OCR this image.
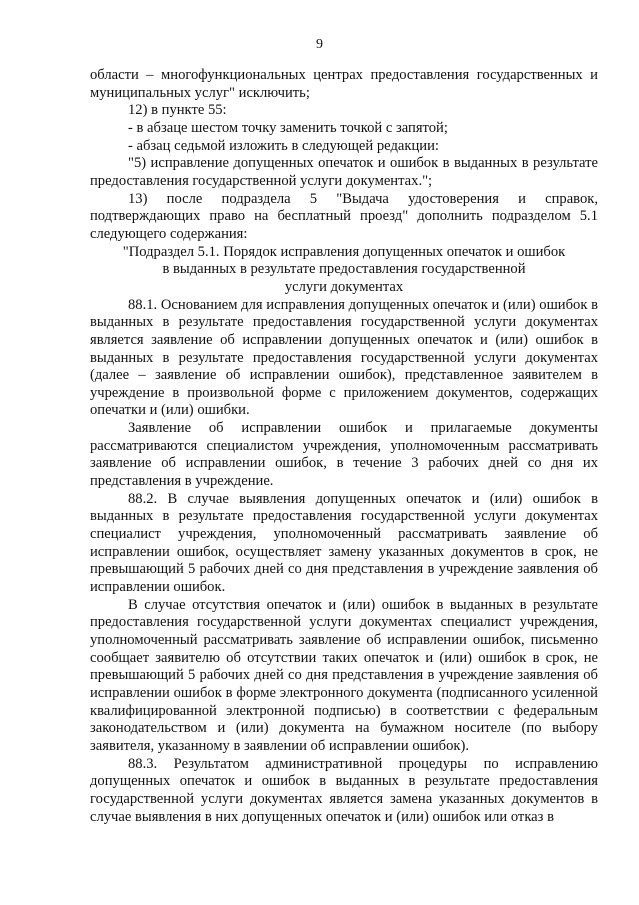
9

области – многофункциональных центрах предоставления государственных и муниципальных услуг" исключить;

12) в пункте 55:

- в абзаце шестом точку заменить точкой с запятой;

- абзац седьмой изложить в следующей редакции:

"5) исправление допущенных опечаток и ошибок в выданных в результате предоставления государственной услуги документах.";

13) после подраздела 5 "Выдача удостоверения и справок, подтверждающих право на бесплатный проезд" дополнить подразделом 5.1 следующего содержания:

"Подраздел 5.1. Порядок исправления допущенных опечаток и ошибок

в выданных в результате предоставления государственной

услуги документах

88.1. Основанием для исправления допущенных опечаток и (или) ошибок в выданных в результате предоставления государственной услуги документах является заявление об исправлении допущенных опечаток и (или) ошибок в выданных в результате предоставления государственной услуги документах (далее – заявление об исправлении ошибок), представленное заявителем в учреждение в произвольной форме с приложением документов, содержащих опечатки и (или) ошибки.

Заявление об исправлении ошибок и прилагаемые документы рассматриваются специалистом учреждения, уполномоченным рассматривать заявление об исправлении ошибок, в течение 3 рабочих дней со дня их представления в учреждение.

88.2. В случае выявления допущенных опечаток и (или) ошибок в выданных в результате предоставления государственной услуги документах специалист учреждения, уполномоченный рассматривать заявление об исправлении ошибок, осуществляет замену указанных документов в срок, не превышающий 5 рабочих дней со дня представления в учреждение заявления об исправлении ошибок.

В случае отсутствия опечаток и (или) ошибок в выданных в результате предоставления государственной услуги документах специалист учреждения, уполномоченный рассматривать заявление об исправлении ошибок, письменно сообщает заявителю об отсутствии таких опечаток и (или) ошибок в срок, не превышающий 5 рабочих дней со дня представления в учреждение заявления об исправлении ошибок в форме электронного документа (подписанного усиленной квалифицированной электронной подписью) в соответствии с федеральным законодательством и (или) документа на бумажном носителе (по выбору заявителя, указанному в заявлении об исправлении ошибок).

88.3. Результатом административной процедуры по исправлению допущенных опечаток и ошибок в выданных в результате предоставления государственной услуги документах является замена указанных документов в случае выявления в них допущенных опечаток и (или) ошибок или отказ в
